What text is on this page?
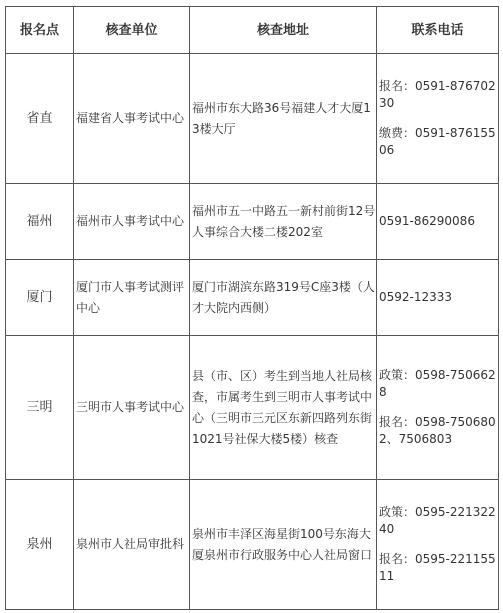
报名点	核查单位	核查地址	联系电话
省直	福建省人事考试中心	福州市东大路36号福建人才大厦13楼大厅	报名：0591-87670230
缴费：0591-87615506

福州	福州市人事考试中心	福州市五一中路五一新村前街12号人事综合大楼二楼202室	0591-86290086

厦门	厦门市人事考试测评中心	厦门市湖滨东路319号C座3楼（人才大院内西侧）	0592-12333

三明	三明市人事考试中心	县（市、区）考生到当地人社局核查，市属考生到三明市人事考试中心（三明市三元区东新四路列东街1021号社保大楼5楼）核查	政策：0598-7506628
报名：0598-7506802、7506803

泉州	泉州市人社局审批科	泉州市丰泽区海星街100号东海大厦泉州市行政服务中心人社局窗口	政策：0595-22132240
报名：0595-22115511
